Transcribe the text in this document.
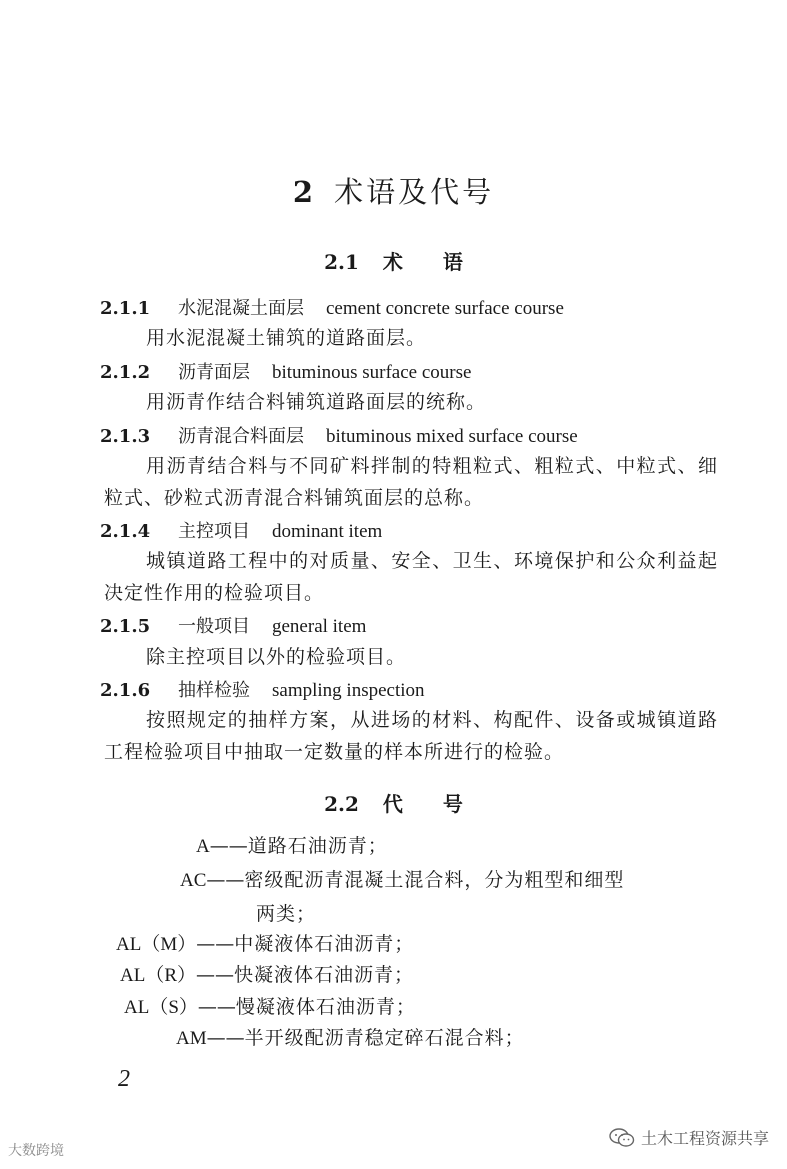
2 术语及代号
2.1 术 语
2.1.1 水泥混凝土面层 cement concrete surface course
用水泥混凝土铺筑的道路面层。
2.1.2 沥青面层 bituminous surface course
用沥青作结合料铺筑道路面层的统称。
2.1.3 沥青混合料面层 bituminous mixed surface course
用沥青结合料与不同矿料拌制的特粗粒式、粗粒式、中粒式、细粒式、砂粒式沥青混合料铺筑面层的总称。
2.1.4 主控项目 dominant item
城镇道路工程中的对质量、安全、卫生、环境保护和公众利益起决定性作用的检验项目。
2.1.5 一般项目 general item
除主控项目以外的检验项目。
2.1.6 抽样检验 sampling inspection
按照规定的抽样方案，从进场的材料、构配件、设备或城镇道路工程检验项目中抽取一定数量的样本所进行的检验。
2.2 代 号
A——道路石油沥青；
AC——密级配沥青混凝土混合料，分为粗型和细型
两类；
AL（M）——中凝液体石油沥青；
AL（R）——快凝液体石油沥青；
AL（S）——慢凝液体石油沥青；
AM——半开级配沥青稳定碎石混合料；
2
大数跨境
土木工程资源共享
